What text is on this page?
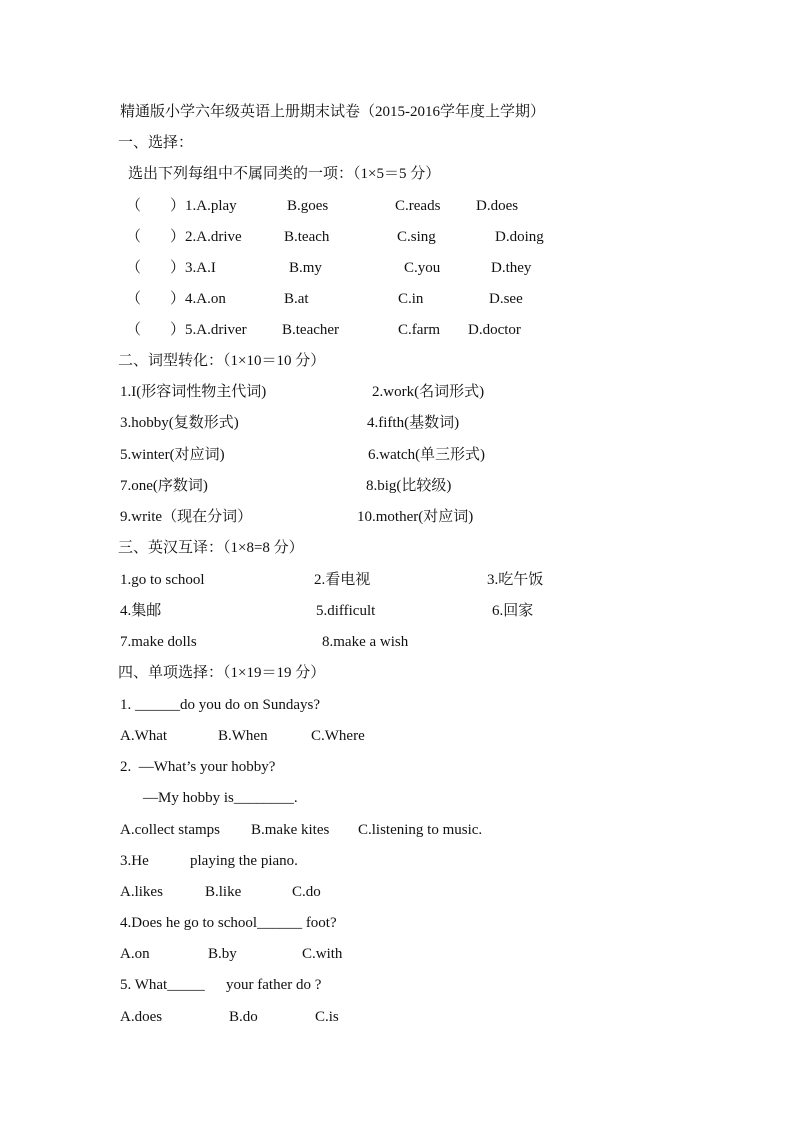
精通版小学六年级英语上册期末试卷（2015-2016学年度上学期）
一、选择：
选出下列每组中不属同类的一项：（1×5＝5 分）
（ ）1.A.play	B.goes	C.reads D.does
（ ）2.A.drive	B.teach	C.sing	D.doing
（ ）3.A.I	B.my	C.you	D.they
（ ）4.A.on	B.at	C.in	D.see
（ ）5.A.driver B.teacher	C.farm D.doctor
二、词型转化：（1×10＝10 分）
1.I(形容词性物主代词)	2.work(名词形式)
3.hobby(复数形式)	4.fifth(基数词)
5.winter(对应词)	6.watch(单三形式)
7.one(序数词)	8.big(比较级)
9.write（现在分词）	10.mother(对应词)
三、英汉互译：（1×8=8 分）
1.go to school	2.看电视	3.吃午饭
4.集邮	5.difficult	6.回家
7.make dolls	8.make a wish
四、单项选择：（1×19＝19 分）
1. ______do you do on Sundays?
A.What	B.When	C.Where
2.  —What’s your hobby?
—My hobby is________.
A.collect stamps B.make kites C.listening to music.
3.He	playing the piano.
A.likes	B.like	C.do
4.Does he go to school______ foot?
A.on	B.by	C.with
5. What_____ your father do ?
A.does	B.do	C.is
